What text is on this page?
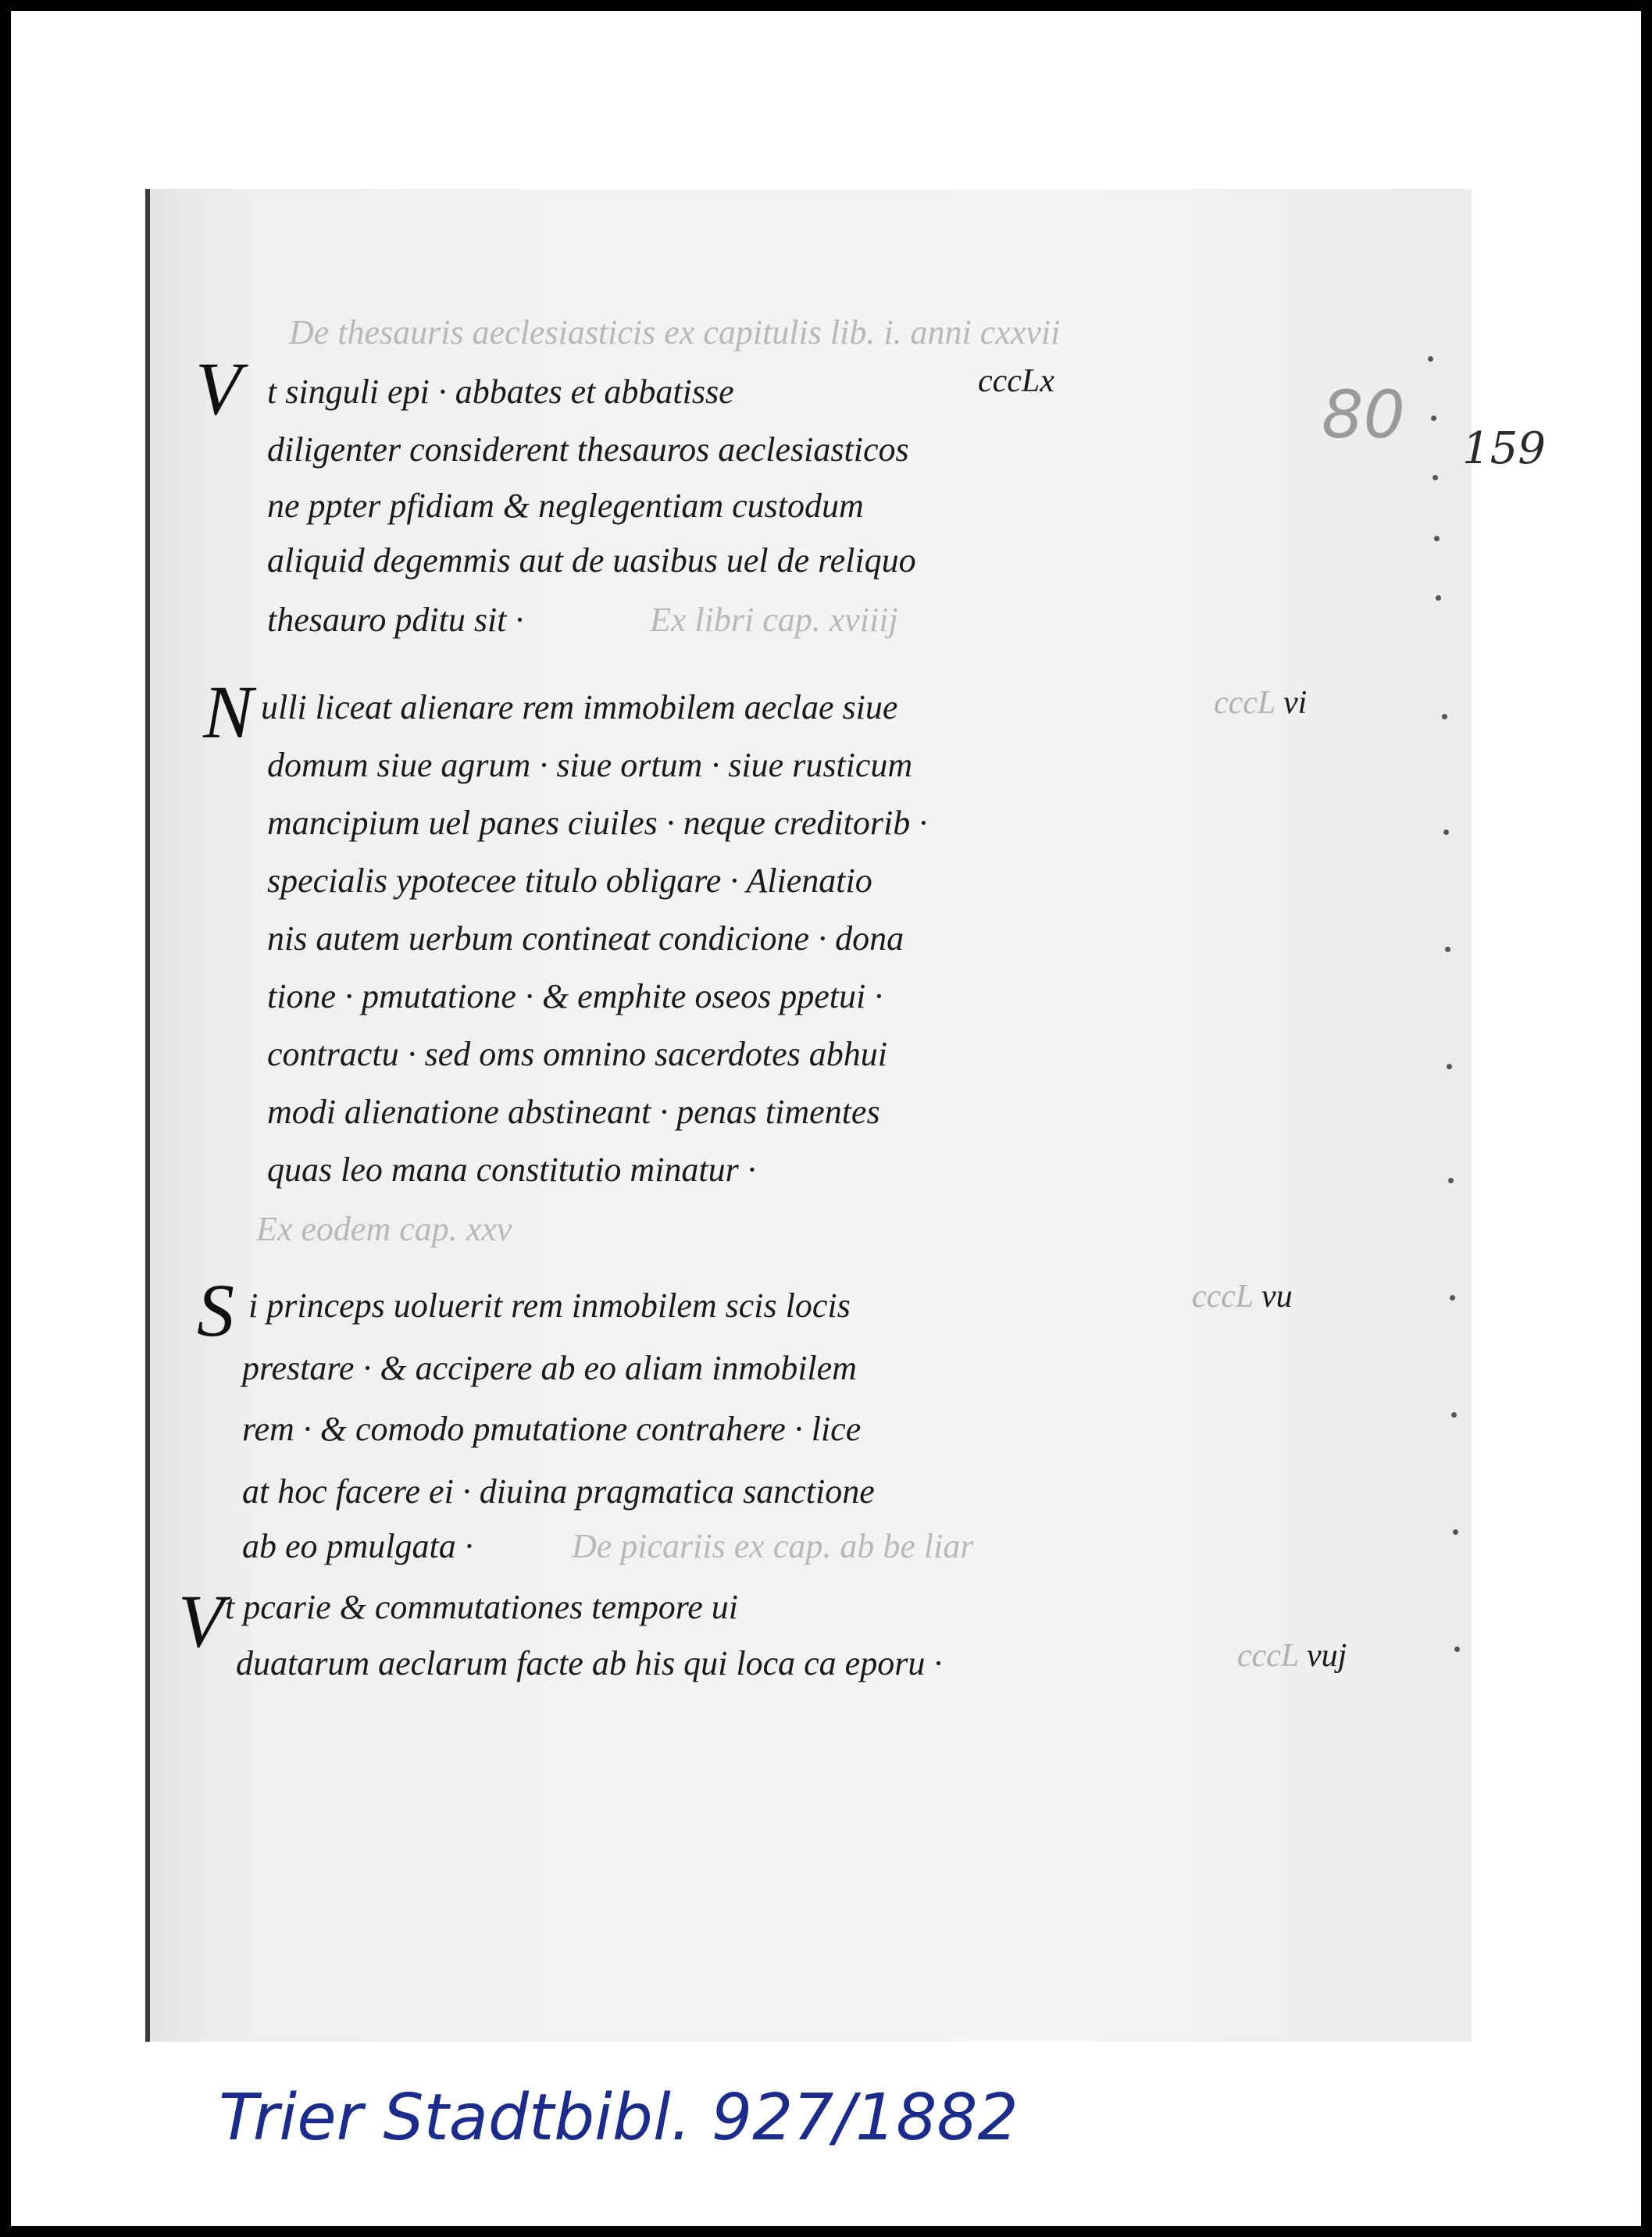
80 159
De thesauris aeclesiasticis ex capitulis lib. i. anni cxxvii
V t singuli epi · abbates et abbatisse	cccLx
diligenter considerent thesauros aeclesiasticos
ne ppter pfidiam & neglegentiam custodum
aliquid degemmis aut de uasibus uel de reliquo
thesauro pditu sit ·	Ex libri cap. xviiij
N ulli liceat alienare rem immobilem aeclae siue	cccL vi
domum siue agrum · siue ortum · siue rusticum
mancipium uel panes ciuiles · neque creditorib ·
specialis ypotecee titulo obligare · Alienatio
nis autem uerbum contineat condicione · dona
tione · pmutatione · & emphite oseos ppetui ·
contractu · sed oms omnino sacerdotes abhui
modi alienatione abstineant · penas timentes
quas leo mana constitutio minatur ·
Ex eodem cap. xxv
S i princeps uoluerit rem inmobilem scis locis	cccL vu
prestare · & accipere ab eo aliam inmobilem
rem · & comodo pmutatione contrahere · lice
at hoc facere ei · diuina pragmatica sanctione
ab eo pmulgata ·	De picariis ex cap. ab be liar
V t pcarie & commutationes tempore ui
duatarum aeclarum facte ab his qui loca ca eporu ·	cccL vuj
Trier Stadtbibl. 927/1882
